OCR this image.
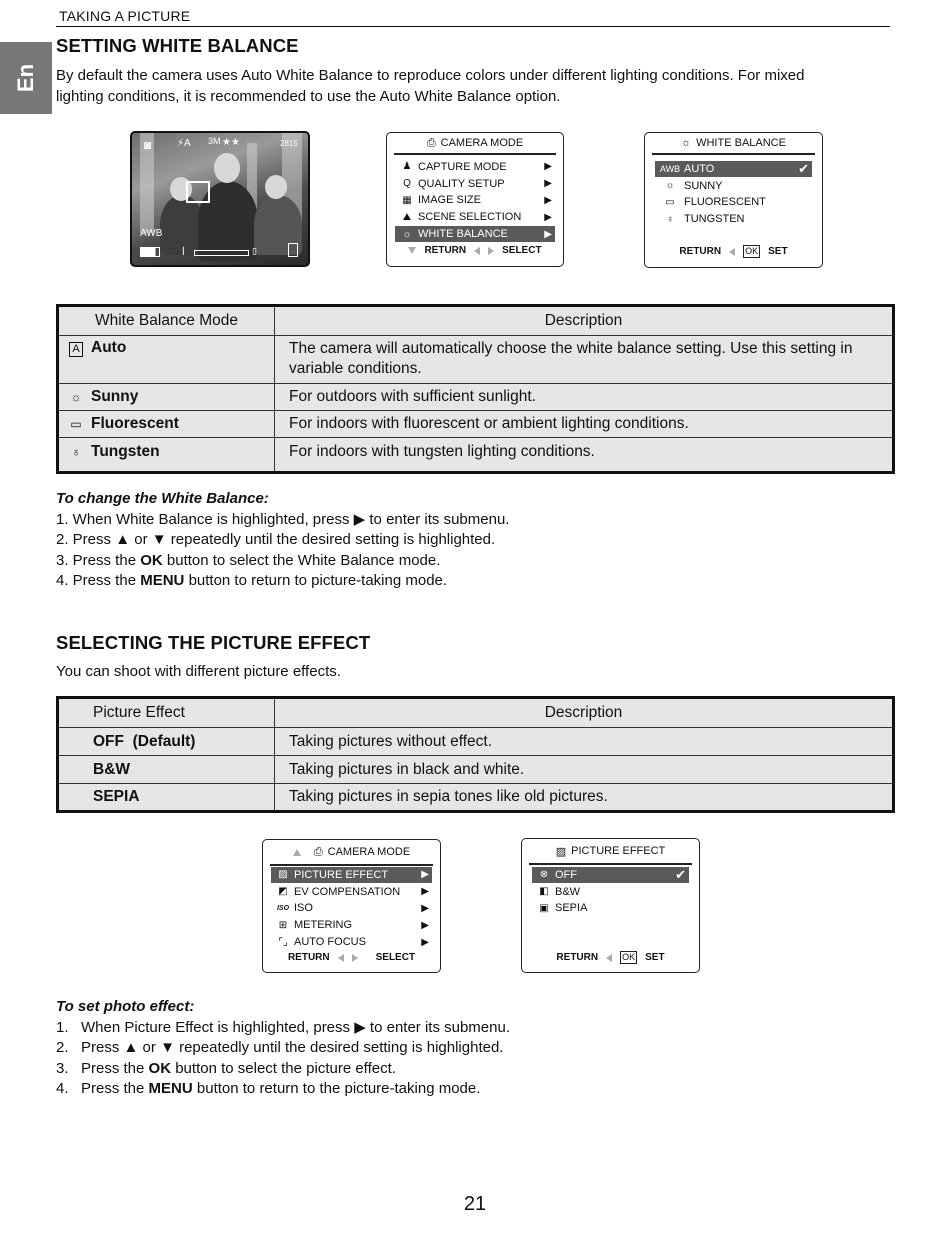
TAKING A PICTURE
En
SETTING WHITE BALANCE

By default the camera uses Auto White Balance to reproduce colors under different lighting conditions. For mixed lighting conditions, it is recommended to use the Auto White Balance option.

◙	⚡A 3M ★★	2815
AWB
ꟾ	▯
⎙ CAMERA MODE
♟ CAPTURE MODE	▶
Q QUALITY SETUP	▶
▦ IMAGE SIZE	▶
⛰ SCENE SELECTION	▶
☼ WHITE BALANCE	▶
RETURN	SELECT
☼ WHITE BALANCE
AWB AUTO	✔
☼ SUNNY
▭ FLUORESCENT
♁ TUNGSTEN
RETURN	OK SET
White Balance Mode	Description
A Auto	The camera will automatically choose the white balance setting. Use this setting in variable conditions.
☼ Sunny	For outdoors with sufficient sunlight.
▭ Fluorescent	For indoors with fluorescent or ambient lighting conditions.
♁ Tungsten	For indoors with tungsten lighting conditions.
To change the White Balance:
1. When White Balance is highlighted, press ▶ to enter its submenu.
2. Press ▲ or ▼ repeatedly until the desired setting is highlighted.
3. Press the OK button to select the White Balance mode.
4. Press the MENU button to return to picture-taking mode.
SELECTING THE PICTURE EFFECT

You can shoot with different picture effects.

Picture Effect	Description
OFF  (Default)	Taking pictures without effect.
B&W	Taking pictures in black and white.
SEPIA	Taking pictures in sepia tones like old pictures.
⎙ CAMERA MODE
▨ PICTURE EFFECT	▶
◩ EV COMPENSATION	▶
ISO ISO	▶
⊞ METERING	▶
⌜⌟ AUTO FOCUS	▶
RETURN	SELECT
▨ PICTURE EFFECT
⊗ OFF	✔
◧ B&W
▣ SEPIA
RETURN	OK SET
To set photo effect:
1. When Picture Effect is highlighted, press ▶ to enter its submenu.
2. Press ▲ or ▼ repeatedly until the desired setting is highlighted.
3. Press the OK button to select the picture effect.
4. Press the MENU button to return to the picture-taking mode.
21
